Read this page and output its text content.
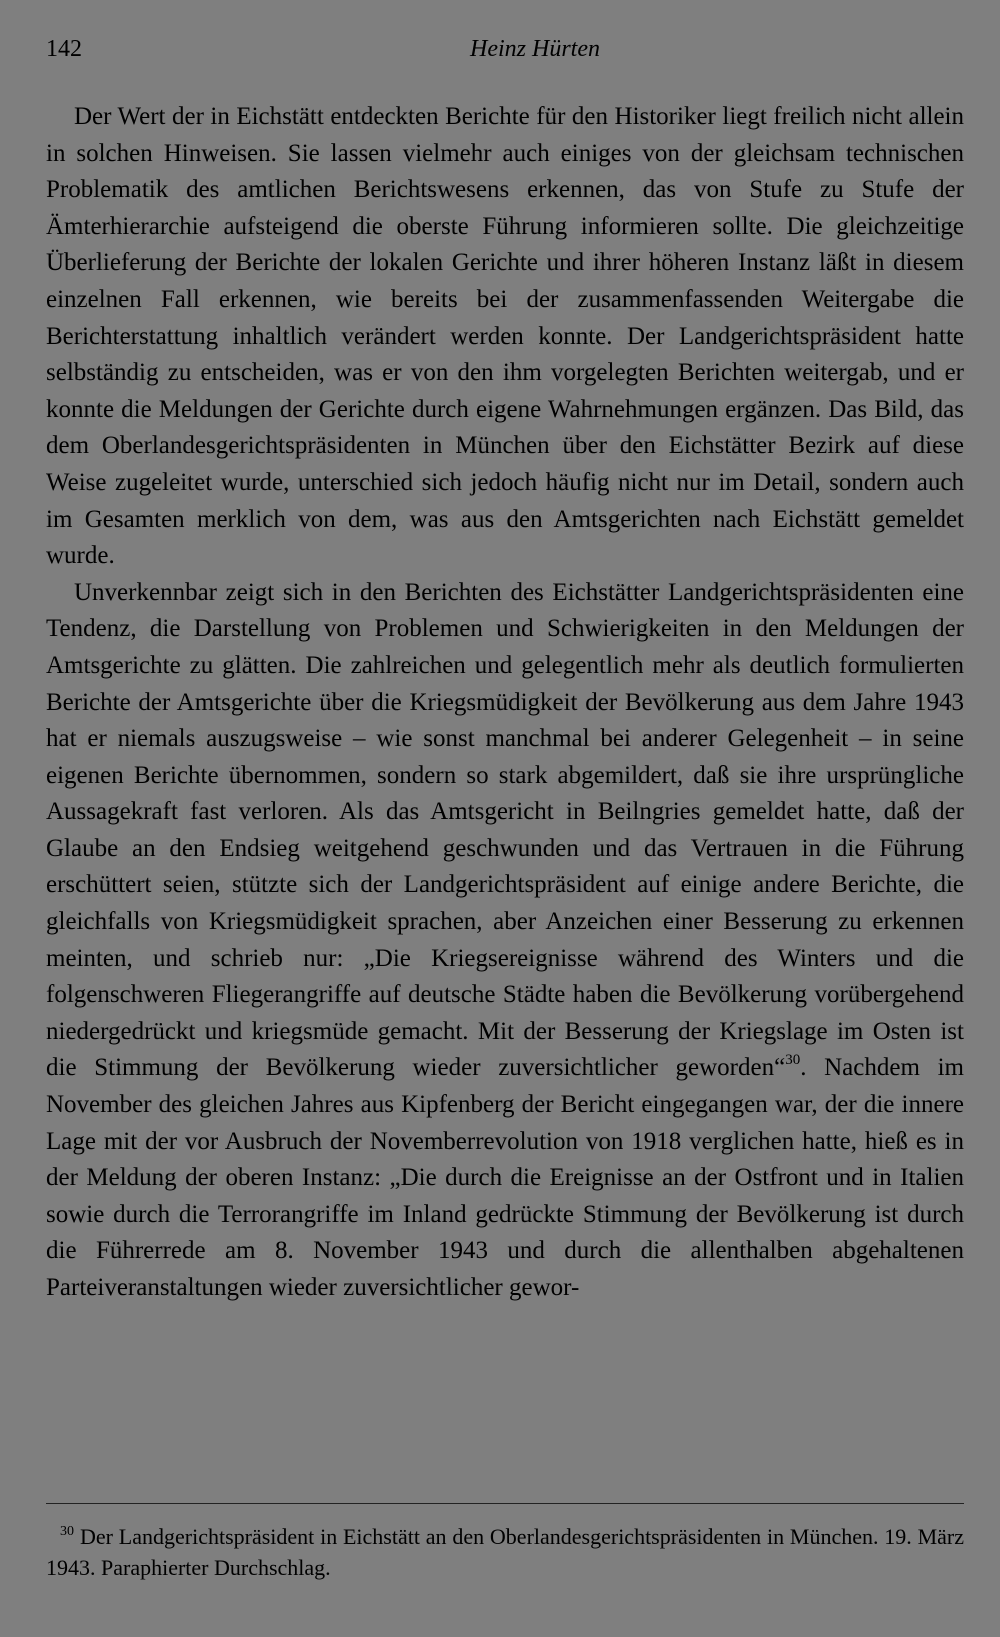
142	Heinz Hürten

Der Wert der in Eichstätt entdeckten Berichte für den Historiker liegt freilich nicht allein in solchen Hinweisen. Sie lassen vielmehr auch einiges von der gleichsam technischen Problematik des amtlichen Berichtswesens erkennen, das von Stufe zu Stufe der Ämterhierarchie aufsteigend die oberste Führung informieren sollte. Die gleichzeitige Überlieferung der Berichte der lokalen Gerichte und ihrer höheren Instanz läßt in diesem einzelnen Fall erkennen, wie bereits bei der zusammenfassenden Weitergabe die Berichterstattung inhaltlich verändert werden konnte. Der Landgerichtspräsident hatte selbständig zu entscheiden, was er von den ihm vorgelegten Berichten weitergab, und er konnte die Meldungen der Gerichte durch eigene Wahrnehmungen ergänzen. Das Bild, das dem Oberlandesgerichtspräsidenten in München über den Eichstätter Bezirk auf diese Weise zugeleitet wurde, unterschied sich jedoch häufig nicht nur im Detail, sondern auch im Gesamten merklich von dem, was aus den Amtsgerichten nach Eichstätt gemeldet wurde.

Unverkennbar zeigt sich in den Berichten des Eichstätter Landgerichtspräsidenten eine Tendenz, die Darstellung von Problemen und Schwierigkeiten in den Meldungen der Amtsgerichte zu glätten. Die zahlreichen und gelegentlich mehr als deutlich formulierten Berichte der Amtsgerichte über die Kriegsmüdigkeit der Bevölkerung aus dem Jahre 1943 hat er niemals auszugsweise – wie sonst manchmal bei anderer Gelegenheit – in seine eigenen Berichte übernommen, sondern so stark abgemildert, daß sie ihre ursprüngliche Aussagekraft fast verloren. Als das Amtsgericht in Beilngries gemeldet hatte, daß der Glaube an den Endsieg weitgehend geschwunden und das Vertrauen in die Führung erschüttert seien, stützte sich der Landgerichtspräsident auf einige andere Berichte, die gleichfalls von Kriegsmüdigkeit sprachen, aber Anzeichen einer Besserung zu erkennen meinten, und schrieb nur: „Die Kriegsereignisse während des Winters und die folgenschweren Fliegerangriffe auf deutsche Städte haben die Bevölkerung vorübergehend niedergedrückt und kriegsmüde gemacht. Mit der Besserung der Kriegslage im Osten ist die Stimmung der Bevölkerung wieder zuversichtlicher geworden“$^{30}$. Nachdem im November des gleichen Jahres aus Kipfenberg der Bericht eingegangen war, der die innere Lage mit der vor Ausbruch der Novemberrevolution von 1918 verglichen hatte, hieß es in der Meldung der oberen Instanz: „Die durch die Ereignisse an der Ostfront und in Italien sowie durch die Terrorangriffe im Inland gedrückte Stimmung der Bevölkerung ist durch die Führerrede am 8. November 1943 und durch die allenthalben abgehaltenen Parteiveranstaltungen wieder zuversichtlicher gewor-

$^{30}$ Der Landgerichtspräsident in Eichstätt an den Oberlandesgerichtspräsidenten in München. 19. März 1943. Paraphierter Durchschlag.
